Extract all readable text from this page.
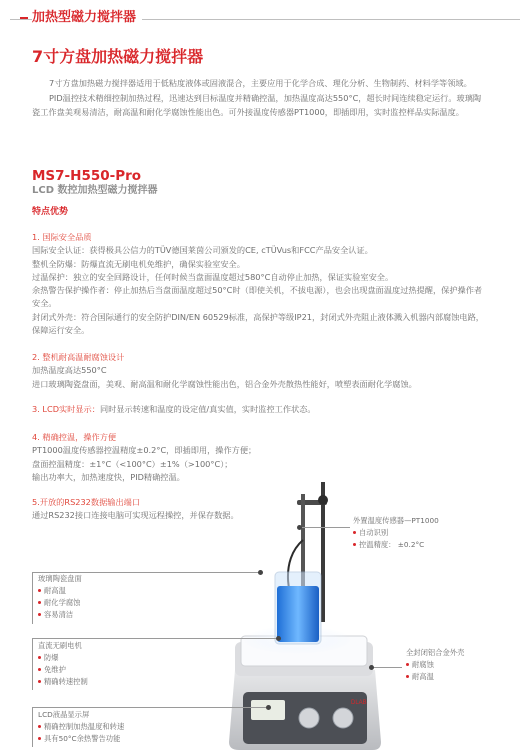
加热型磁力搅拌器
7寸方盘加热磁力搅拌器

7寸方盘加热磁力搅拌器适用于低粘度液体或固液混合，主要应用于化学合成、理化分析、生物制药、材料学等领域。

PID温控技术精细控制加热过程，迅速达到目标温度并精确控温，加热温度高达550°C，超长时间连续稳定运行。玻璃陶瓷工作盘美观易清洁，耐高温和耐化学腐蚀性能出色。可外接温度传感器PT1000，即插即用，实时监控样品实际温度。

MS7-H550-Pro
LCD 数控加热型磁力搅拌器
特点优势
1. 国际安全品质
国际安全认证：获得极具公信力的TÜV德国莱茵公司颁发的CE, cTÜVus和FCC产品安全认证。
整机全防爆：防爆直流无刷电机免维护，确保实验室安全。
过温保护：独立的安全回路设计，任何时候当盘面温度超过580°C自动停止加热，保证实验室安全。
余热警告保护操作者：停止加热后当盘面温度超过50°C时（即使关机，不拔电源），也会出现盘面温度过热提醒，保护操作者安全。
封闭式外壳：符合国际通行的安全防护DIN/EN 60529标准，高保护等级IP21，封闭式外壳阻止液体溅入机器内部腐蚀电路，保障运行安全。
2. 整机耐高温耐腐蚀设计
加热温度高达550°C
进口玻璃陶瓷盘面，美观、耐高温和耐化学腐蚀性能出色，铝合金外壳散热性能好，喷塑表面耐化学腐蚀。
3. LCD实时显示：同时显示转速和温度的设定值/真实值，实时监控工作状态。
4. 精确控温，操作方便
PT1000温度传感器控温精度±0.2°C，即插即用，操作方便；
盘面控温精度：±1°C（<100°C）±1%（>100°C）；
输出功率大，加热速度快，PID精确控温。
5.开放的RS232数据输出端口
通过RS232接口连接电脑可实现远程操控，并保存数据。
DLAB
外置温度传感器—PT1000
自动识别
控温精度： ±0.2°C
玻璃陶瓷盘面
耐高温
耐化学腐蚀
容易清洁
直流无刷电机
防爆
免维护
精确转速控制
全封闭铝合金外壳
耐腐蚀
耐高温
LCD液晶显示屏
精确控制加热温度和转速
具有50°C余热警告功能
